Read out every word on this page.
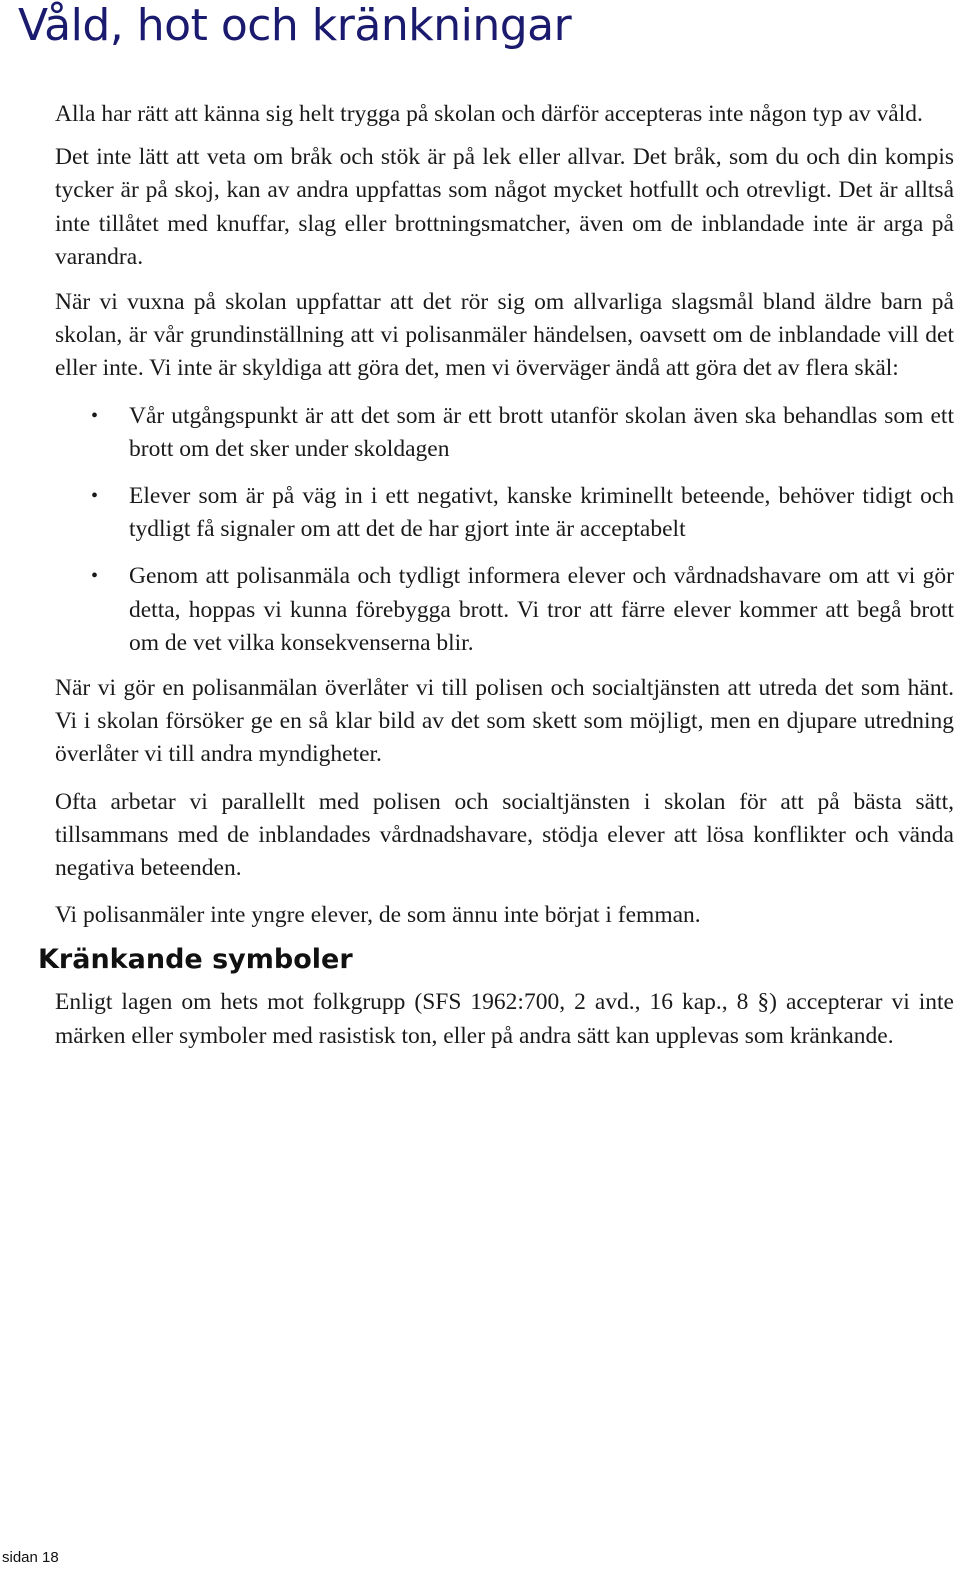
Våld, hot och kränkningar

Alla har rätt att känna sig helt trygga på skolan och därför accepteras inte någon typ av våld.

Det inte lätt att veta om bråk och stök är på lek eller allvar. Det bråk, som du och din kompis tycker är på skoj, kan av andra uppfattas som något mycket hotfullt och otrevligt. Det är alltså inte tillåtet med knuffar, slag eller brottningsmatcher, även om de inblandade inte är arga på varandra.

När vi vuxna på skolan uppfattar att det rör sig om allvarliga slagsmål bland äldre barn på skolan, är vår grundinställning att vi polisanmäler händelsen, oavsett om de inblandade vill det eller inte. Vi inte är skyldiga att göra det, men vi överväger ändå att göra det av flera skäl:

• Vår utgångspunkt är att det som är ett brott utanför skolan även ska behandlas som ett brott om det sker under skoldagen
• Elever som är på väg in i ett negativt, kanske kriminellt beteende, behöver tidigt och tydligt få signaler om att det de har gjort inte är acceptabelt
• Genom att polisanmäla och tydligt informera elever och vårdnadshavare om att vi gör detta, hoppas vi kunna förebygga brott. Vi tror att färre elever kommer att begå brott om de vet vilka konsekvenserna blir.

När vi gör en polisanmälan överlåter vi till polisen och socialtjänsten att utreda det som hänt. Vi i skolan försöker ge en så klar bild av det som skett som möjligt, men en djupare utredning överlåter vi till andra myndigheter.

Ofta arbetar vi parallellt med polisen och socialtjänsten i skolan för att på bästa sätt, tillsammans med de inblandades vårdnadshavare, stödja elever att lösa konflikter och vända negativa beteenden.

Vi polisanmäler inte yngre elever, de som ännu inte börjat i femman.

Kränkande symboler

Enligt lagen om hets mot folkgrupp (SFS 1962:700, 2 avd., 16 kap., 8 §) accepterar vi inte märken eller symboler med rasistisk ton, eller på andra sätt kan upplevas som kränkande.

sidan 18
